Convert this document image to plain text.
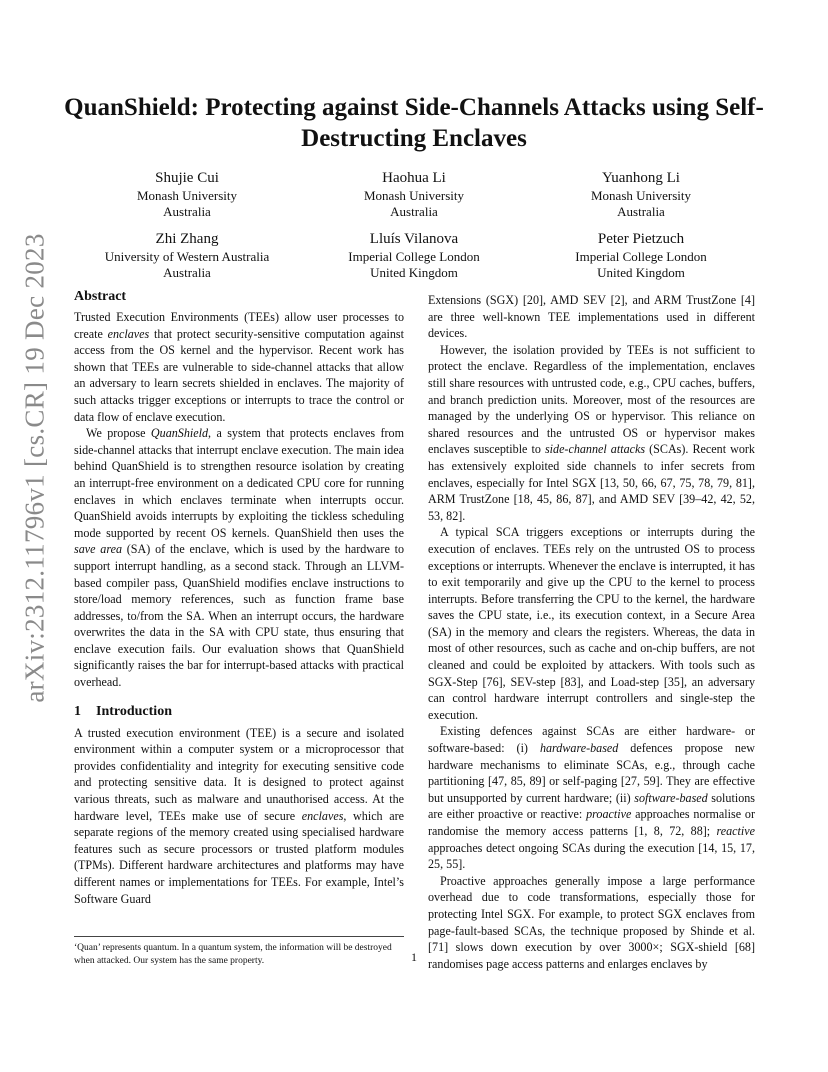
arXiv:2312.11796v1 [cs.CR] 19 Dec 2023
QuanShield: Protecting against Side-Channels Attacks using Self-Destructing Enclaves
Shujie Cui
Monash University
Australia
Haohua Li
Monash University
Australia
Yuanhong Li
Monash University
Australia
Zhi Zhang
University of Western Australia
Australia
Lluís Vilanova
Imperial College London
United Kingdom
Peter Pietzuch
Imperial College London
United Kingdom
Abstract

Trusted Execution Environments (TEEs) allow user processes to create enclaves that protect security-sensitive computation against access from the OS kernel and the hypervisor. Recent work has shown that TEEs are vulnerable to side-channel attacks that allow an adversary to learn secrets shielded in enclaves. The majority of such attacks trigger exceptions or interrupts to trace the control or data flow of enclave execution.

We propose QuanShield, a system that protects enclaves from side-channel attacks that interrupt enclave execution. The main idea behind QuanShield is to strengthen resource isolation by creating an interrupt-free environment on a dedicated CPU core for running enclaves in which enclaves terminate when interrupts occur. QuanShield avoids interrupts by exploiting the tickless scheduling mode supported by recent OS kernels. QuanShield then uses the save area (SA) of the enclave, which is used by the hardware to support interrupt handling, as a second stack. Through an LLVM-based compiler pass, QuanShield modifies enclave instructions to store/load memory references, such as function frame base addresses, to/from the SA. When an interrupt occurs, the hardware overwrites the data in the SA with CPU state, thus ensuring that enclave execution fails. Our evaluation shows that QuanShield significantly raises the bar for interrupt-based attacks with practical overhead.

1 Introduction

A trusted execution environment (TEE) is a secure and isolated environment within a computer system or a microprocessor that provides confidentiality and integrity for executing sensitive code and protecting sensitive data. It is designed to protect against various threats, such as malware and unauthorised access. At the hardware level, TEEs make use of secure enclaves, which are separate regions of the memory created using specialised hardware features such as secure processors or trusted platform modules (TPMs). Different hardware architectures and platforms may have different names or implementations for TEEs. For example, Intel’s Software Guard

Extensions (SGX) [20], AMD SEV [2], and ARM TrustZone [4] are three well-known TEE implementations used in different devices.

However, the isolation provided by TEEs is not sufficient to protect the enclave. Regardless of the implementation, enclaves still share resources with untrusted code, e.g., CPU caches, buffers, and branch prediction units. Moreover, most of the resources are managed by the underlying OS or hypervisor. This reliance on shared resources and the untrusted OS or hypervisor makes enclaves susceptible to side-channel attacks (SCAs). Recent work has extensively exploited side channels to infer secrets from enclaves, especially for Intel SGX [13, 50, 66, 67, 75, 78, 79, 81], ARM TrustZone [18, 45, 86, 87], and AMD SEV [39–42, 42, 52, 53, 82].

A typical SCA triggers exceptions or interrupts during the execution of enclaves. TEEs rely on the untrusted OS to process exceptions or interrupts. Whenever the enclave is interrupted, it has to exit temporarily and give up the CPU to the kernel to process interrupts. Before transferring the CPU to the kernel, the hardware saves the CPU state, i.e., its execution context, in a Secure Area (SA) in the memory and clears the registers. Whereas, the data in most of other resources, such as cache and on-chip buffers, are not cleaned and could be exploited by attackers. With tools such as SGX-Step [76], SEV-step [83], and Load-step [35], an adversary can control hardware interrupt controllers and single-step the execution.

Existing defences against SCAs are either hardware- or software-based: (i) hardware-based defences propose new hardware mechanisms to eliminate SCAs, e.g., through cache partitioning [47, 85, 89] or self-paging [27, 59]. They are effective but unsupported by current hardware; (ii) software-based solutions are either proactive or reactive: proactive approaches normalise or randomise the memory access patterns [1, 8, 72, 88]; reactive approaches detect ongoing SCAs during the execution [14, 15, 17, 25, 55].

Proactive approaches generally impose a large performance overhead due to code transformations, especially those for protecting Intel SGX. For example, to protect SGX enclaves from page-fault-based SCAs, the technique proposed by Shinde et al. [71] slows down execution by over 3000×; SGX-shield [68] randomises page access patterns and enlarges enclaves by

‘Quan’ represents quantum. In a quantum system, the information will be destroyed when attacked. Our system has the same property.	1
